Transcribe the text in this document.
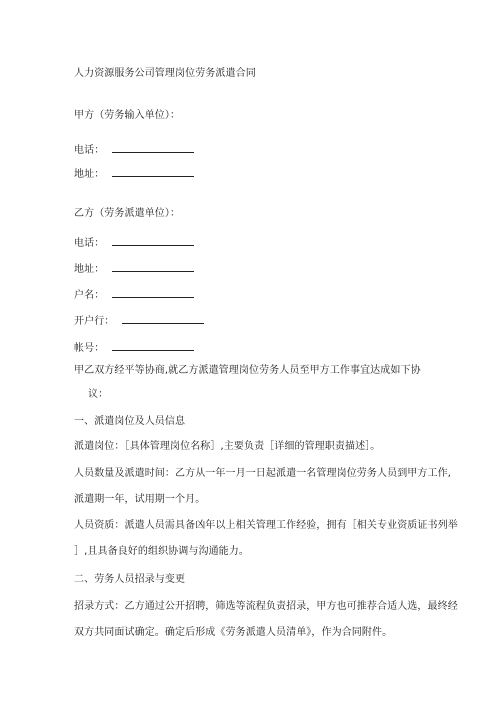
人力资源服务公司管理岗位劳务派遣合同
甲方（劳务输入单位）：
电话：
地址：
乙方（劳务派遣单位）：
电话：
地址：
户名：
开户行：
帐号：
甲乙双方经平等协商,就乙方派遣管理岗位劳务人员至甲方工作事宜达成如下协
议：
一、派遣岗位及人员信息
派遣岗位：［具体管理岗位名称］,主要负责［详细的管理职责描述］。
人员数量及派遣时间：乙方从一年一月一日起派遣一名管理岗位劳务人员到甲方工作,
派遣期一年，试用期一个月。
人员资质：派遣人员需具备凶年以上相关管理工作经验，拥有［相关专业资质证书列举
］,且具备良好的组织协调与沟通能力。
二、劳务人员招录与变更
招录方式：乙方通过公开招聘，筛选等流程负责招录，甲方也可推荐合适人选，最终经
双方共同面试确定。确定后形成《劳务派遣人员清单》，作为合同附件。
